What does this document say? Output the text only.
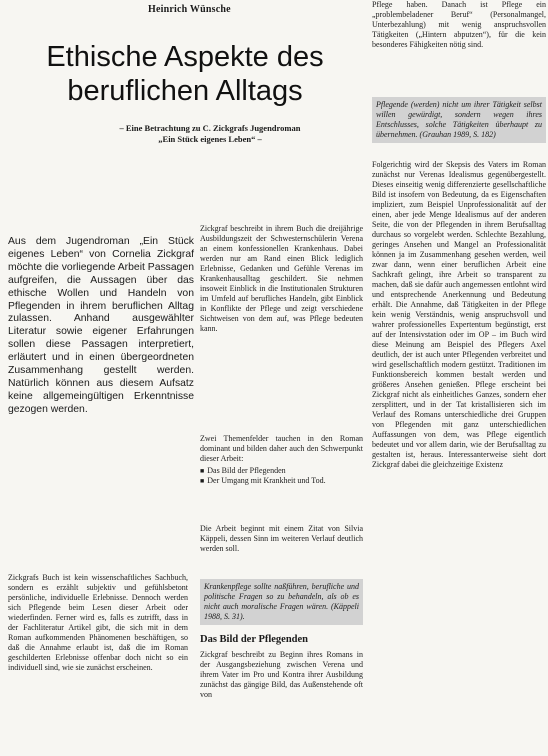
Heinrich Wünsche
Ethische Aspekte des
beruflichen Alltags
– Eine Betrachtung zu C. Zickgrafs Jugendroman
„Ein Stück eigenes Leben“ –
Aus dem Jugendroman „Ein Stück eigenes Leben“ von Cornelia Zickgraf möchte die vorliegende Arbeit Passagen aufgreifen, die Aussagen über das ethische Wollen und Handeln von Pflegenden in ihrem beruflichen Alltag zulassen. Anhand ausgewählter Literatur sowie eigener Erfahrungen sollen diese Passagen interpretiert, erläutert und in einen übergeordneten Zusammenhang gestellt werden. Natürlich können aus diesem Aufsatz keine allgemeingültigen Erkenntnisse gezogen werden.

Zickgrafs Buch ist kein wissenschaftliches Sachbuch, sondern es erzählt subjektiv und gefühlsbetont persönliche, individuelle Erlebnisse. Dennoch werden sich Pflegende beim Lesen dieser Arbeit oder wiederfinden. Ferner wird es, falls es zutrifft, dass in der Fachliteratur Artikel gibt, die sich mit in dem Roman aufkommenden Phänomenen beschäftigen, so daß die Annahme erlaubt ist, daß die im Roman geschilderten Erlebnisse offenbar doch nicht so ein individuell sind, wie sie zunächst erscheinen.

Zickgraf beschreibt in ihrem Buch die dreijährige Ausbildungszeit der Schwesternschülerin Verena an einem konfessionellen Krankenhaus. Dabei werden nur am Rand einen Blick lediglich Erlebnisse, Gedanken und Gefühle Verenas im Krankenhausalltag geschildert. Sie nehmen insoweit Einblick in die Institutionalen Strukturen im Umfeld auf berufliches Handeln, gibt Einblick in Konflikte der Pflege und zeigt verschiedene Sichtweisen von dem auf, was Pflege bedeuten kann.

Zwei Themenfelder tauchen in den Roman dominant und bilden daher auch den Schwerpunkt dieser Arbeit:

■ Das Bild der Pflegenden
■ Der Umgang mit Krankheit und Tod.

Die Arbeit beginnt mit einem Zitat von Silvia Käppeli, dessen Sinn im weiteren Verlauf deutlich werden soll.

Krankenpflege sollte naßführen, berufliche und politische Fragen so zu behandeln, als ob es nicht auch moralische Fragen wären. (Käppeli 1988, S. 31).
Das Bild der Pflegenden

Zickgraf beschreibt zu Beginn ihres Romans in der Ausgangsbeziehung zwischen Verena und ihrem Vater im Pro und Kontra ihrer Ausbildung zunächst das gängige Bild, das Außenstehende oft von

Pflege haben. Danach ist Pflege ein „problembeladener Beruf“ (Personalmangel, Unterbezahlung) mit wenig anspruchsvollen Tätigkeiten („Hintern abputzen“), für die kein besonderes Fähigkeiten nötig sind.

Pflegende (werden) nicht um ihrer Tätigkeit selbst willen gewürdigt, sondern wegen ihres Entschlusses, solche Tätigkeiten überhaupt zu übernehmen. (Grauhan 1989, S. 182)

Folgerichtig wird der Skepsis des Vaters im Roman zunächst nur Verenas Idealismus gegenübergestellt. Dieses einseitig wenig differenzierte gesellschaftliche Bild ist insofern von Bedeutung, da es Eigenschaften impliziert, zum Beispiel Unprofessionalität auf der einen, aber jede Menge Idealismus auf der anderen Seite, die von der Pflegenden in ihrem Berufsalltag durchaus so vorgelebt werden. Schlechte Bezahlung, geringes Ansehen und Mangel an Professionalität können ja im Zusammenhang gesehen werden, weil zwar dann, wenn einer beruflichen Arbeit eine Sachkraft gelingt, ihre Arbeit so transparent zu machen, daß sie dafür auch angemessen entlohnt wird und entsprechende Anerkennung und Bedeutung erhält. Die Annahme, daß Tätigkeiten in der Pflege kein wenig Verständnis, wenig anspruchsvoll und wahrer professionelles Expertentum begünstigt, erst auf der Intensivstation oder im OP – im Buch wird diese Meinung am Beispiel des Pflegers Axel deutlich, der ist auch unter Pflegenden verbreitet und wird gesellschaftlich modern gestützt. Traditionen im Funktionsbereich kommen bestalt werden und größeres Ansehen genießen. Pflege erscheint bei Zickgraf nicht als einheitliches Ganzes, sondern eher zersplittert, und in der Tat kristallisieren sich im Verlauf des Romans unterschiedliche drei Gruppen von Pflegenden mit ganz unterschiedlichen Auffassungen von dem, was Pflege eigentlich bedeutet und vor allem darin, wie der Berufsalltag zu gestalten ist, heraus. Interessanterweise sieht dort Zickgraf dabei die gleichzeitige Existenz
